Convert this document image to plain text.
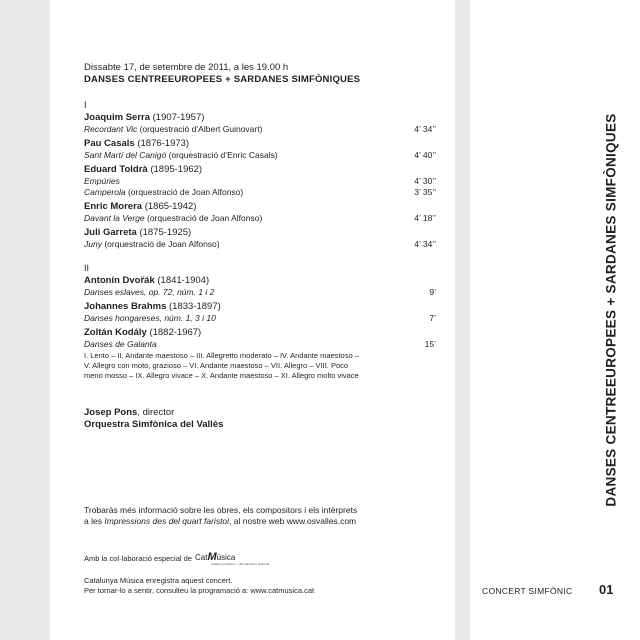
Dissabte 17, de setembre de 2011, a les 19.00 h
DANSES CENTREEUROPEES + SARDANES SIMFÒNIQUES
I
Joaquim Serra (1907-1957)
Recordant Vic (orquestració d’Albert Guinovart)	4’ 34’’
Pau Casals (1876-1973)
Sant Martí del Canigó (orquestració d’Enric Casals)	4’ 40’’
Eduard Toldrà (1895-1962)
Empúries	4’ 30’’
Camperola (orquestració de Joan Alfonso)	3’ 35’’
Enric Morera (1865-1942)
Davant la Verge (orquestració de Joan Alfonso)	4’ 18’’
Juli Garreta (1875-1925)
Juny (orquestració de Joan Alfonso)	4’ 34’’
II
Antonín Dvořák (1841-1904)
Danses eslaves, op. 72, núm. 1 i 2	9’
Johannes Brahms (1833-1897)
Danses hongareses, núm. 1, 3 i 10	7’
Zoltán Kodály (1882-1967)
Danses de Galanta	15’
I. Lento – II. Andante maestoso – III. Allegretto moderato – IV. Andante maestoso – V. Allegro con moto, grazioso – VI. Andante maestoso – VII. Allegro – VIII. Poco meno mosso – IX. Allegro vivace – X. Andante maestoso – XI. Allegro molto vivace
Josep Pons, director
Orquestra Simfònica del Vallès
Trobaràs més informació sobre les obres, els compositors i els intèrprets
a les Impressions des del quart faristol, al nostre web www.osvalles.com
Amb la col·laboració especial de Cat M úsica
Catalunya Música — Broadcasting classical
Catalunya Música enregistra aquest concert.
Per tornar-lo a sentir, consulteu la programació a: www.catmusica.cat
DANSES CENTREEUROPEES + SARDANES SIMFÒNIQUES
CONCERT SIMFÒNIC 01
